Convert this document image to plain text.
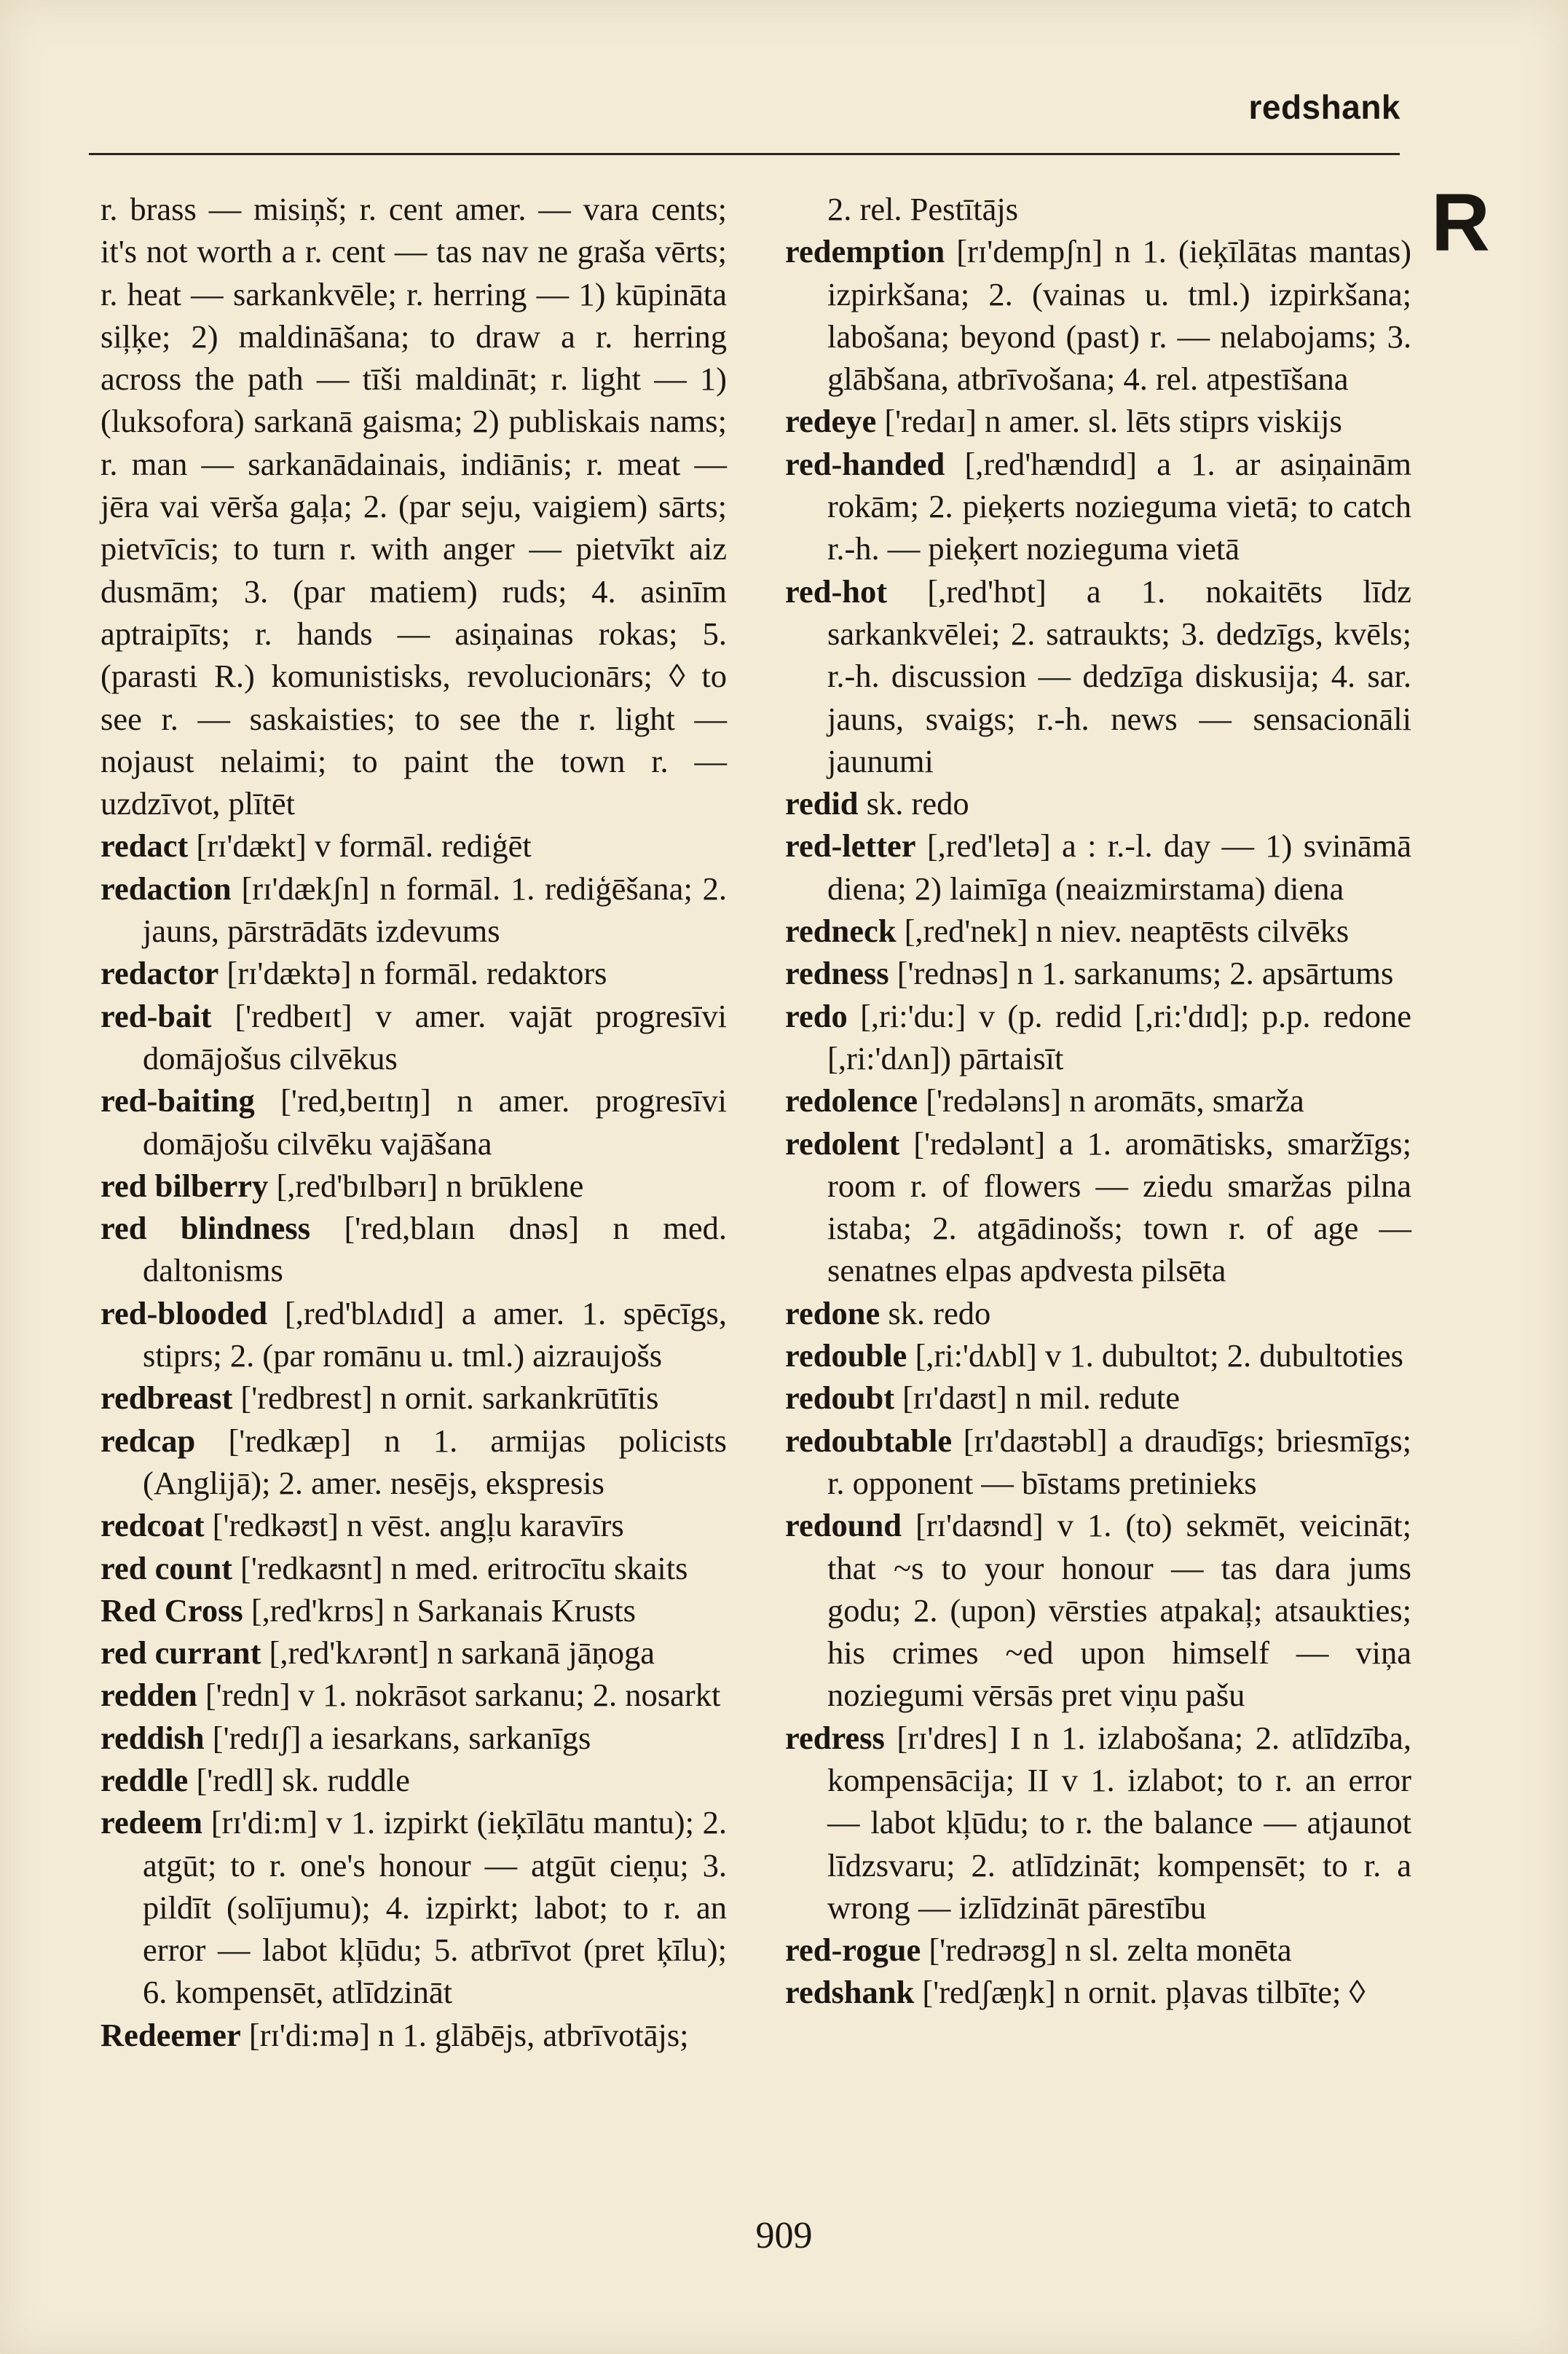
redshank
R

r. brass — misiņš; r. cent amer. — vara cents; it's not worth a r. cent — tas nav ne graša vērts; r. heat — sarkankvēle; r. herring — 1) kūpināta siļķe; 2) maldināšana; to draw a r. herring across the path — tīši maldināt; r. light — 1) (luksofora) sarkanā gaisma; 2) publiskais nams; r. man — sarkanādainais, indiānis; r. meat — jēra vai vērša gaļa; 2. (par seju, vaigiem) sārts; pietvīcis; to turn r. with anger — pietvīkt aiz dusmām; 3. (par matiem) ruds; 4. asinīm aptraipīts; r. hands — asiņainas rokas; 5. (parasti R.) komunistisks, revolucionārs; ◊ to see r. — saskaisties; to see the r. light — nojaust nelaimi; to paint the town r. — uzdzīvot, plītēt

redact [rɪ'dækt] v formāl. rediģēt

redaction [rɪ'dækʃn] n formāl. 1. rediģēšana; 2. jauns, pārstrādāts izdevums

redactor [rɪ'dæktə] n formāl. redaktors

red-bait ['redbeɪt] v amer. vajāt progresīvi domājošus cilvēkus

red-baiting ['red,beɪtɪŋ] n amer. progresīvi domājošu cilvēku vajāšana

red bilberry [,red'bɪlbərɪ] n brūklene

red blindness ['red,blaɪn dnəs] n med. daltonisms

red-blooded [,red'blʌdɪd] a amer. 1. spēcīgs, stiprs; 2. (par romānu u. tml.) aizraujošs

redbreast ['redbrest] n ornit. sarkankrūtītis

redcap ['redkæp] n 1. armijas policists (Anglijā); 2. amer. nesējs, ekspresis

redcoat ['redkəʊt] n vēst. angļu karavīrs

red count ['redkaʊnt] n med. eritrocītu skaits

Red Cross [,red'krɒs] n Sarkanais Krusts

red currant [,red'kʌrənt] n sarkanā jāņoga

redden ['redn] v 1. nokrāsot sarkanu; 2. nosarkt

reddish ['redɪʃ] a iesarkans, sarkanīgs

reddle ['redl] sk. ruddle

redeem [rɪ'di:m] v 1. izpirkt (ieķīlātu mantu); 2. atgūt; to r. one's honour — atgūt cieņu; 3. pildīt (solījumu); 4. izpirkt; labot; to r. an error — labot kļūdu; 5. atbrīvot (pret ķīlu); 6. kompensēt, atlīdzināt

Redeemer [rɪ'di:mə] n 1. glābējs, atbrīvotājs;

2. rel. Pestītājs

redemption [rɪ'dempʃn] n 1. (ieķīlātas mantas) izpirkšana; 2. (vainas u. tml.) izpirkšana; labošana; beyond (past) r. — nelabojams; 3. glābšana, atbrīvošana; 4. rel. atpestīšana

redeye ['redaɪ] n amer. sl. lēts stiprs viskijs

red-handed [,red'hændɪd] a 1. ar asiņainām rokām; 2. pieķerts nozieguma vietā; to catch r.-h. — pieķert nozieguma vietā

red-hot [,red'hɒt] a 1. nokaitēts līdz sarkankvēlei; 2. satraukts; 3. dedzīgs, kvēls; r.-h. discussion — dedzīga diskusija; 4. sar. jauns, svaigs; r.-h. news — sensacionāli jaunumi

redid sk. redo

red-letter [,red'letə] a : r.-l. day — 1) svināmā diena; 2) laimīga (neaizmirstama) diena

redneck [,red'nek] n niev. neaptēsts cilvēks

redness ['rednəs] n 1. sarkanums; 2. apsārtums

redo [,ri:'du:] v (p. redid [,ri:'dɪd]; p.p. redone [,ri:'dʌn]) pārtaisīt

redolence ['redələns] n aromāts, smarža

redolent ['redələnt] a 1. aromātisks, smaržīgs; room r. of flowers — ziedu smaržas pilna istaba; 2. atgādinošs; town r. of age — senatnes elpas apdvesta pilsēta

redone sk. redo

redouble [,ri:'dʌbl] v 1. dubultot; 2. dubultoties

redoubt [rɪ'daʊt] n mil. redute

redoubtable [rɪ'daʊtəbl] a draudīgs; briesmīgs; r. opponent — bīstams pretinieks

redound [rɪ'daʊnd] v 1. (to) sekmēt, veicināt; that ~s to your honour — tas dara jums godu; 2. (upon) vērsties atpakaļ; atsaukties; his crimes ~ed upon himself — viņa noziegumi vērsās pret viņu pašu

redress [rɪ'dres] I n 1. izlabošana; 2. atlīdzība, kompensācija; II v 1. izlabot; to r. an error — labot kļūdu; to r. the balance — atjaunot līdzsvaru; 2. atlīdzināt; kompensēt; to r. a wrong — izlīdzināt pārestību

red-rogue ['redrəʊg] n sl. zelta monēta

redshank ['redʃæŋk] n ornit. pļavas tilbīte; ◊

909
